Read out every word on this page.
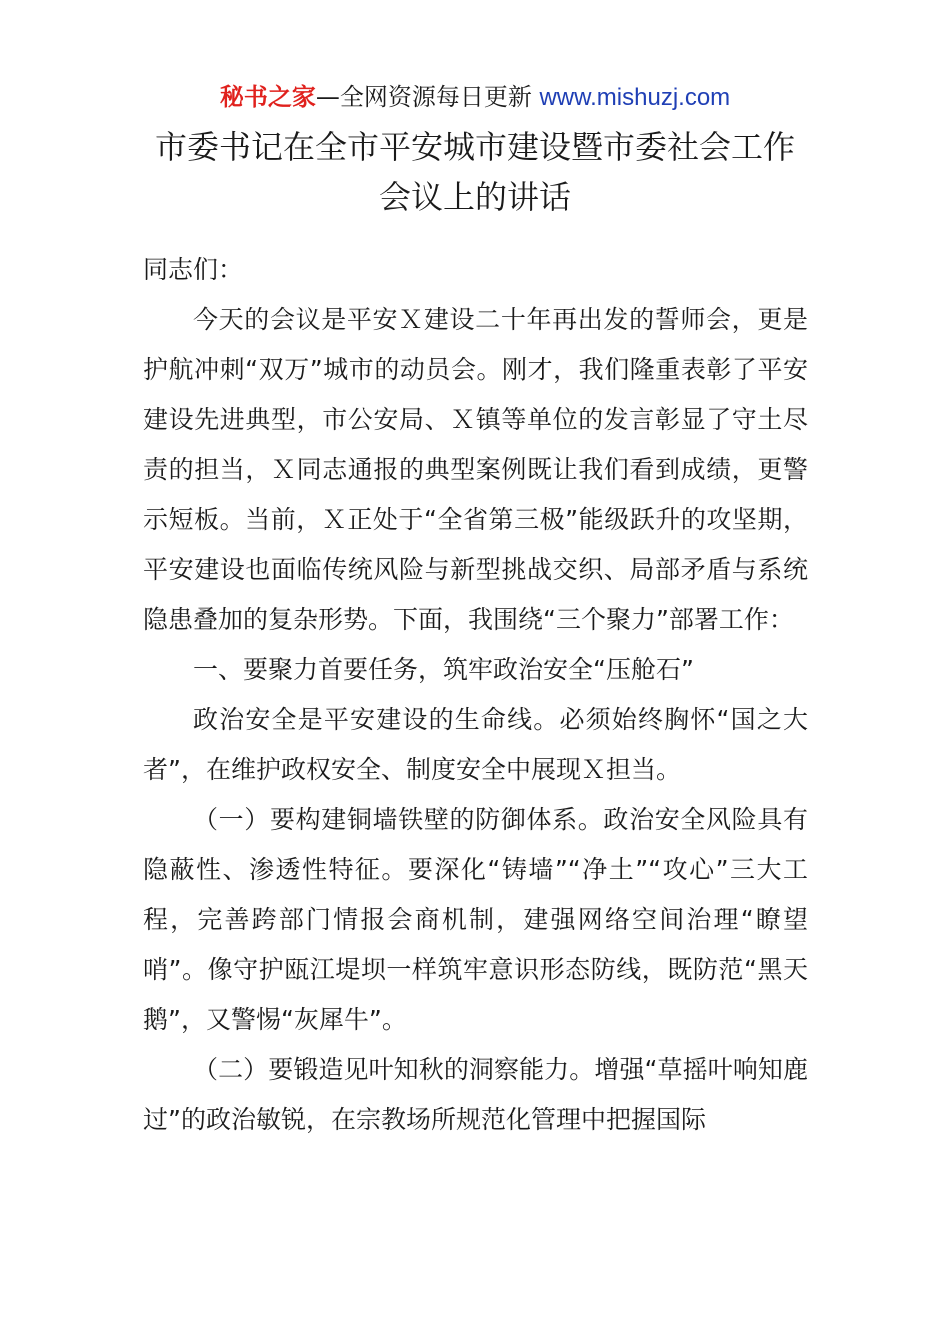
秘书之家—全网资源每日更新 www.mishuzj.com
市委书记在全市平安城市建设暨市委社会工作
会议上的讲话

同志们：

今天的会议是平安Ｘ建设二十年再出发的誓师会，更是护航冲刺“双万”城市的动员会。刚才，我们隆重表彰了平安建设先进典型，市公安局、Ｘ镇等单位的发言彰显了守土尽责的担当，Ｘ同志通报的典型案例既让我们看到成绩，更警示短板。当前，Ｘ正处于“全省第三极”能级跃升的攻坚期，平安建设也面临传统风险与新型挑战交织、局部矛盾与系统隐患叠加的复杂形势。下面，我围绕“三个聚力”部署工作：

一、要聚力首要任务，筑牢政治安全“压舱石”

政治安全是平安建设的生命线。必须始终胸怀“国之大者”，在维护政权安全、制度安全中展现Ｘ担当。

（一）要构建铜墙铁壁的防御体系。政治安全风险具有隐蔽性、渗透性特征。要深化“铸墙”“净土”“攻心”三大工程，完善跨部门情报会商机制，建强网络空间治理“瞭望哨”。像守护瓯江堤坝一样筑牢意识形态防线，既防范“黑天鹅”，又警惕“灰犀牛”。

（二）要锻造见叶知秋的洞察能力。增强“草摇叶响知鹿过”的政治敏锐，在宗教场所规范化管理中把握国际
